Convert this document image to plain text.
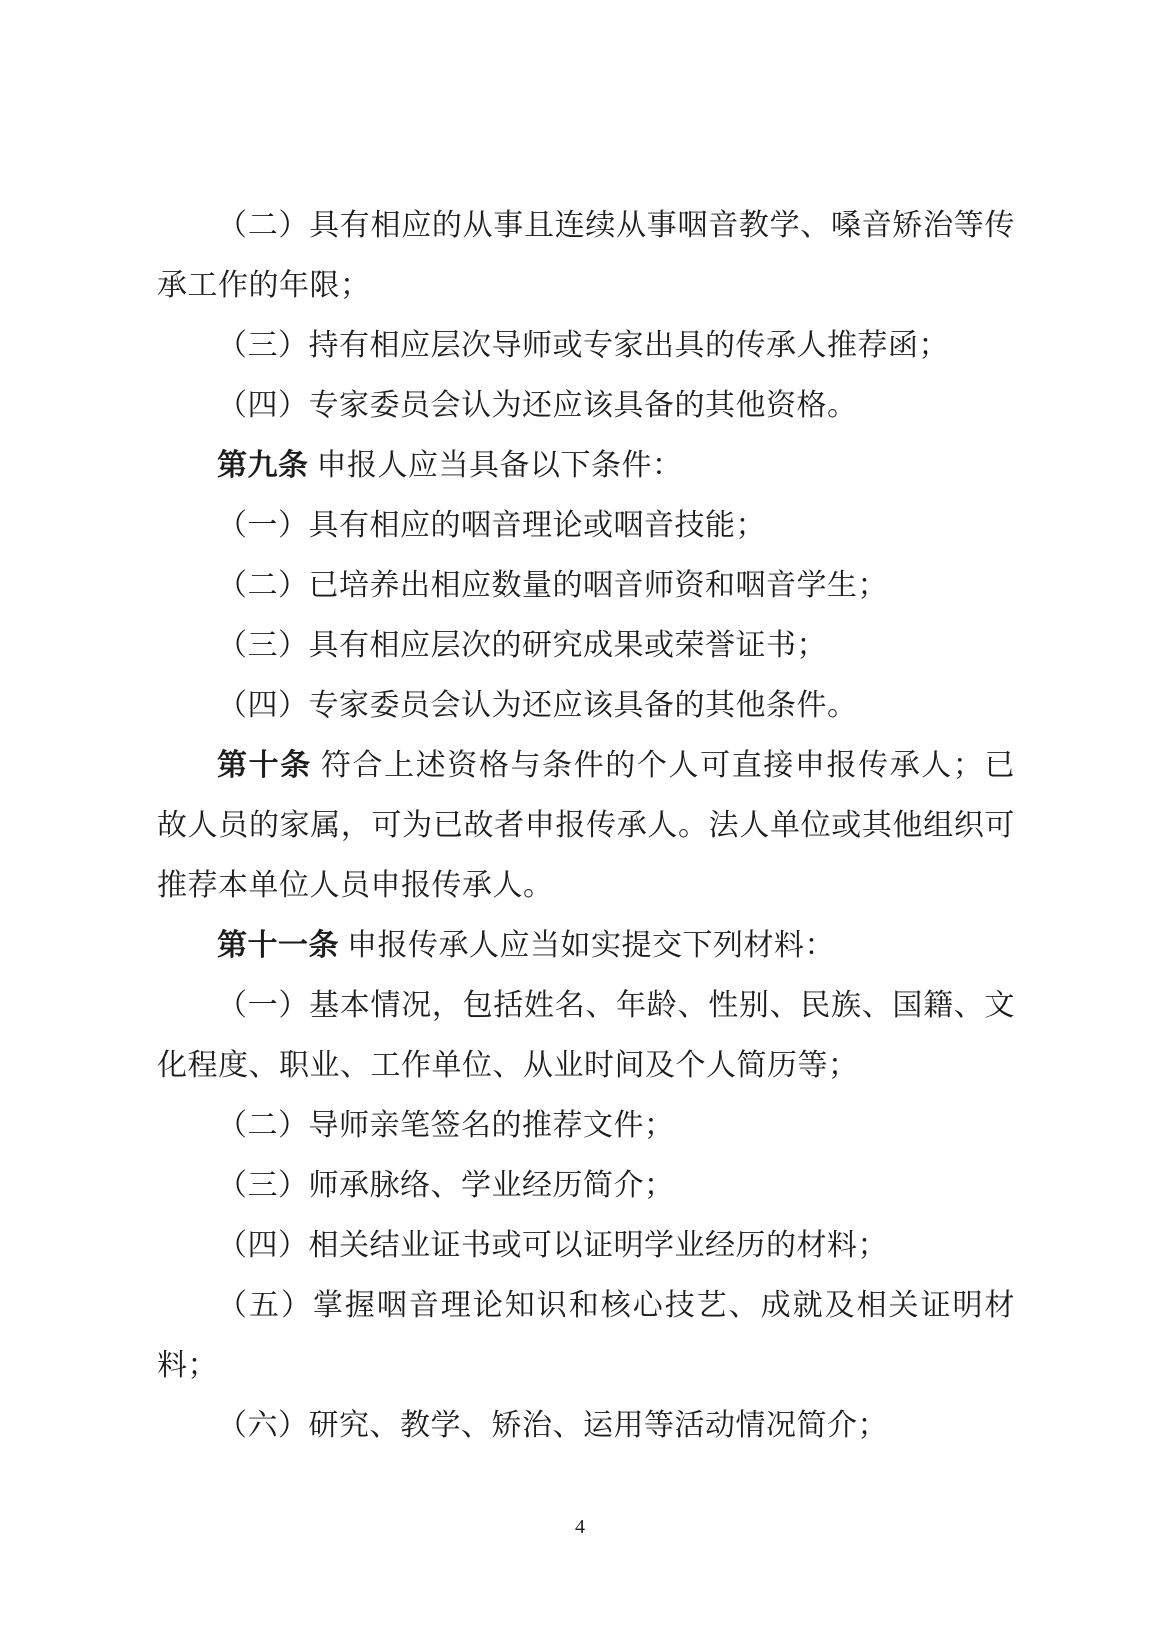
（二）具有相应的从事且连续从事咽音教学、嗓音矫治等传承工作的年限；

（三）持有相应层次导师或专家出具的传承人推荐函；

（四）专家委员会认为还应该具备的其他资格。

第九条 申报人应当具备以下条件：

（一）具有相应的咽音理论或咽音技能；

（二）已培养出相应数量的咽音师资和咽音学生；

（三）具有相应层次的研究成果或荣誉证书；

（四）专家委员会认为还应该具备的其他条件。

第十条 符合上述资格与条件的个人可直接申报传承人；已故人员的家属，可为已故者申报传承人。法人单位或其他组织可推荐本单位人员申报传承人。

第十一条 申报传承人应当如实提交下列材料：

（一）基本情况，包括姓名、年龄、性别、民族、国籍、文化程度、职业、工作单位、从业时间及个人简历等；

（二）导师亲笔签名的推荐文件；

（三）师承脉络、学业经历简介；

（四）相关结业证书或可以证明学业经历的材料；

（五）掌握咽音理论知识和核心技艺、成就及相关证明材料；

（六）研究、教学、矫治、运用等活动情况简介；

4
